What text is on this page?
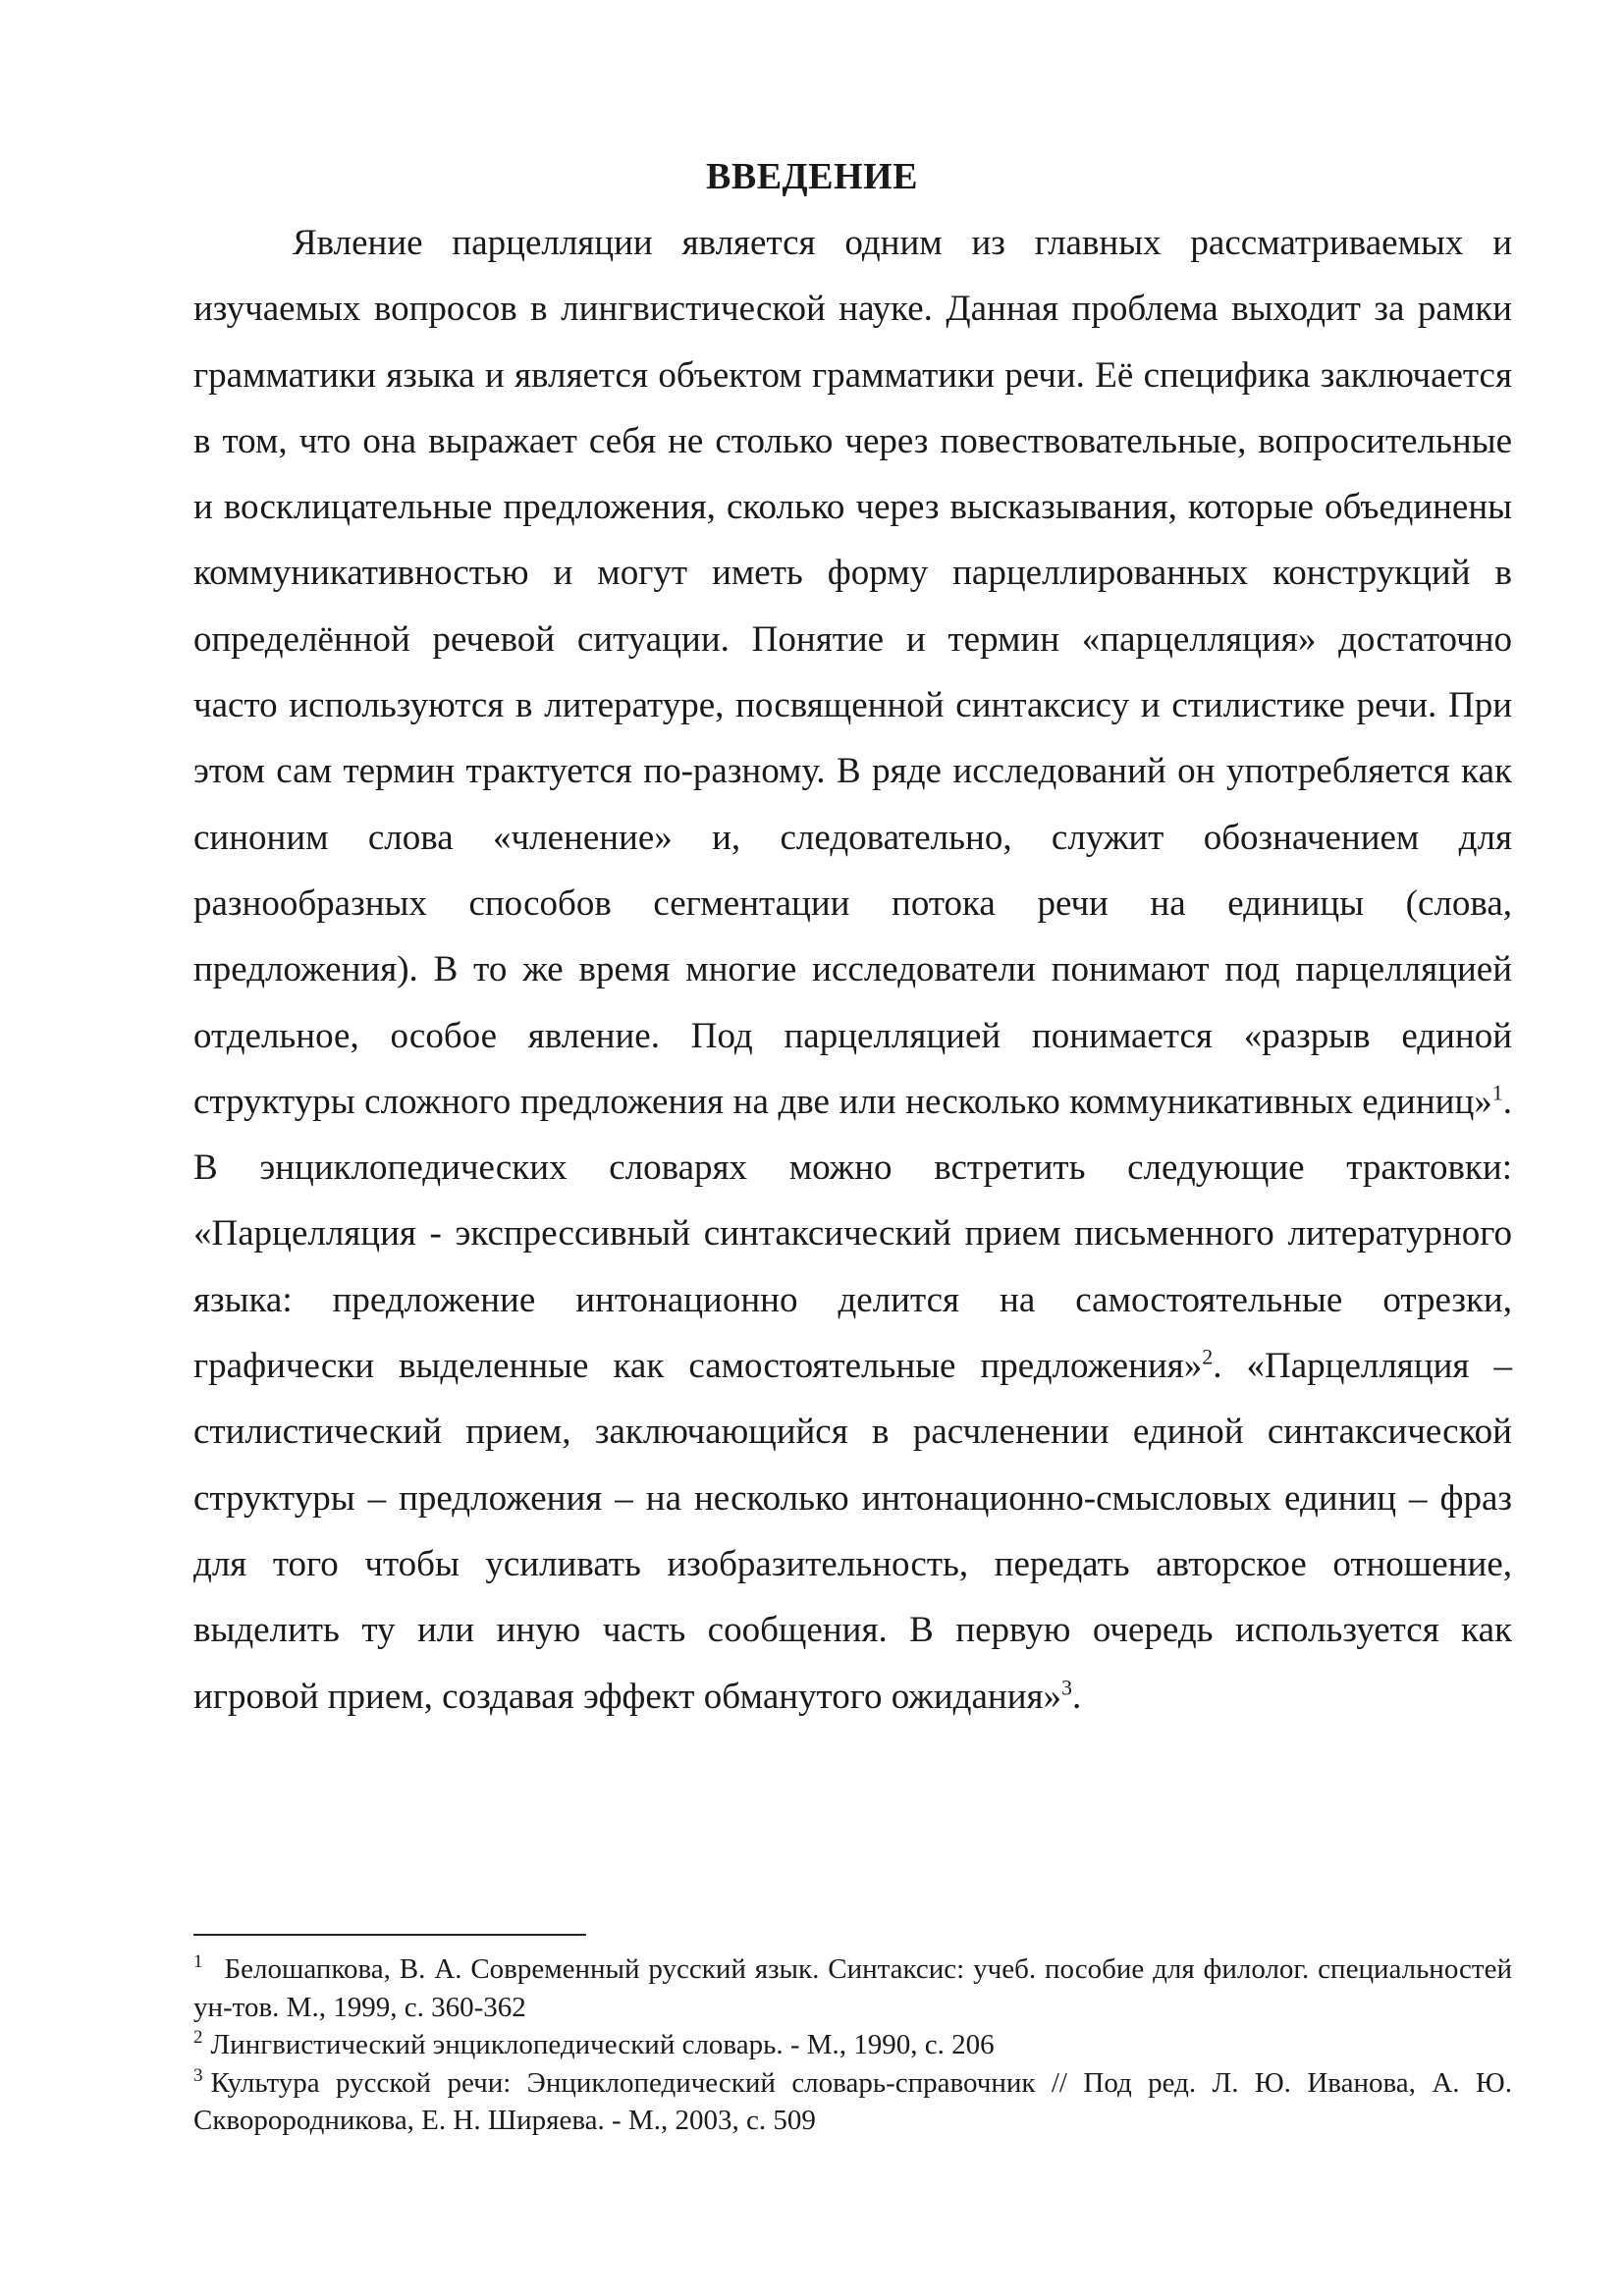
ВВЕДЕНИЕ

Явление парцелляции является одним из главных рассматриваемых и изучаемых вопросов в лингвистической науке. Данная проблема выходит за рамки грамматики языка и является объектом грамматики речи. Её специфика заключается в том, что она выражает себя не столько через повествовательные, вопросительные и восклицательные предложения, сколько через высказывания, которые объединены коммуникативностью и могут иметь форму парцеллированных конструкций в определённой речевой ситуации. Понятие и термин «парцелляция» достаточно часто используются в литературе, посвященной синтаксису и стилистике речи. При этом сам термин трактуется по-разному. В ряде исследований он употребляется как синоним слова «членение» и, следовательно, служит обозначением для разнообразных способов сегментации потока речи на единицы (слова, предложения). В то же время многие исследователи понимают под парцелляцией отдельное, особое явление. Под парцелляцией понимается «разрыв единой структуры сложного предложения на две или несколько коммуникативных единиц»$^1$. В энциклопедических словарях можно встретить следующие трактовки: «Парцелляция - экспрессивный синтаксический прием письменного литературного языка: предложение интонационно делится на самостоятельные отрезки, графически выделенные как самостоятельные предложения»$^2$. «Парцелляция – стилистический прием, заключающийся в расчленении единой синтаксической структуры – предложения – на несколько интонационно-смысловых единиц – фраз для того чтобы усиливать изобразительность, передать авторское отношение, выделить ту или иную часть сообщения. В первую очередь используется как игровой прием, создавая эффект обманутого ожидания»$^3$.

$^1$ Белошапкова, В. А. Современный русский язык. Синтаксис: учеб. пособие для филолог. специальностей ун-тов. М., 1999, с. 360-362

$^2$ Лингвистический энциклопедический словарь. - М., 1990, с. 206

$^3$ Культура русской речи: Энциклопедический словарь-справочник // Под ред. Л. Ю. Иванова, А. Ю. Скворородникова, Е. Н. Ширяева. - М., 2003, с. 509
